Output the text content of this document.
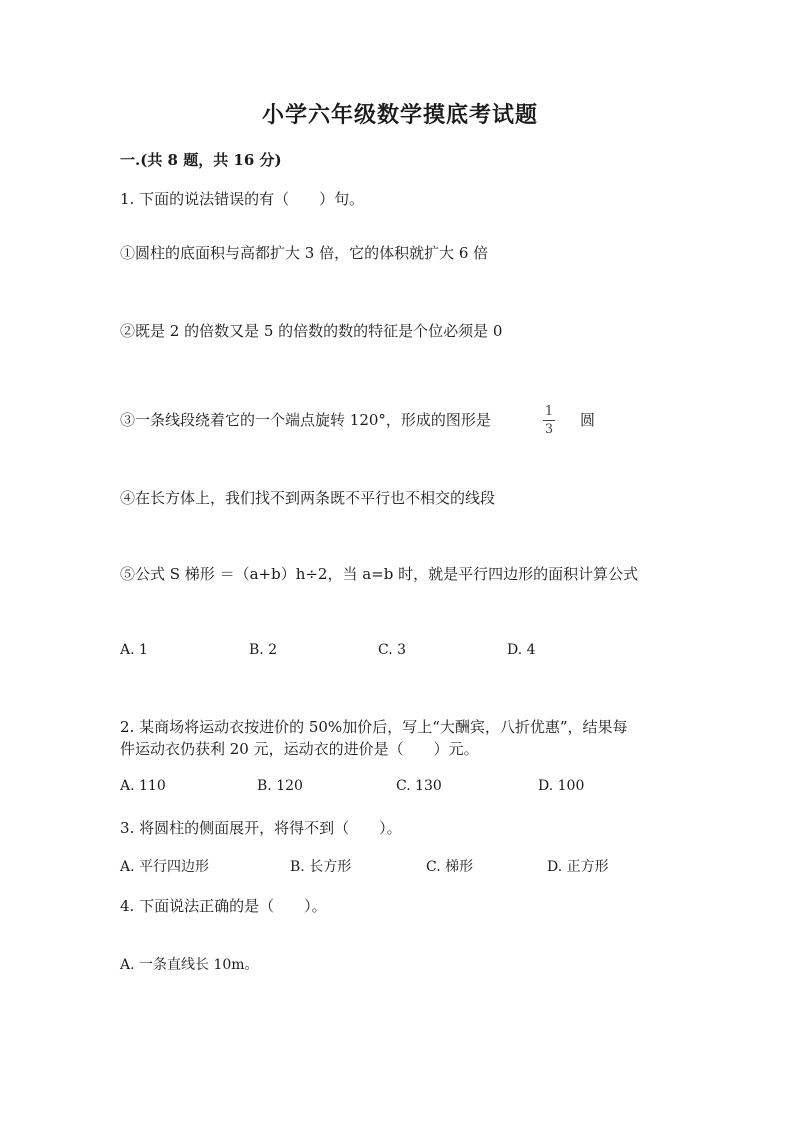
小学六年级数学摸底考试题
一.(共 8 题，共 16 分)
1. 下面的说法错误的有（　　）句。
①圆柱的底面积与高都扩大 3 倍，它的体积就扩大 6 倍
②既是 2 的倍数又是 5 的倍数的数的特征是个位必须是 0
③一条线段绕着它的一个端点旋转 120°，形成的图形是	1
3
圆
④在长方体上，我们找不到两条既不平行也不相交的线段
⑤公式 S 梯形 ＝（a+b）h÷2，当 a=b 时，就是平行四边形的面积计算公式
A. 1	B. 2	C. 3	D. 4
2. 某商场将运动衣按进价的 50%加价后，写上“大酬宾，八折优惠”，结果每
件运动衣仍获利 20 元，运动衣的进价是（　　）元。
A. 110	B. 120	C. 130	D. 100
3. 将圆柱的侧面展开，将得不到（　　）。
A. 平行四边形	B. 长方形	C. 梯形	D. 正方形
4. 下面说法正确的是（　　）。
A. 一条直线长 10m。
